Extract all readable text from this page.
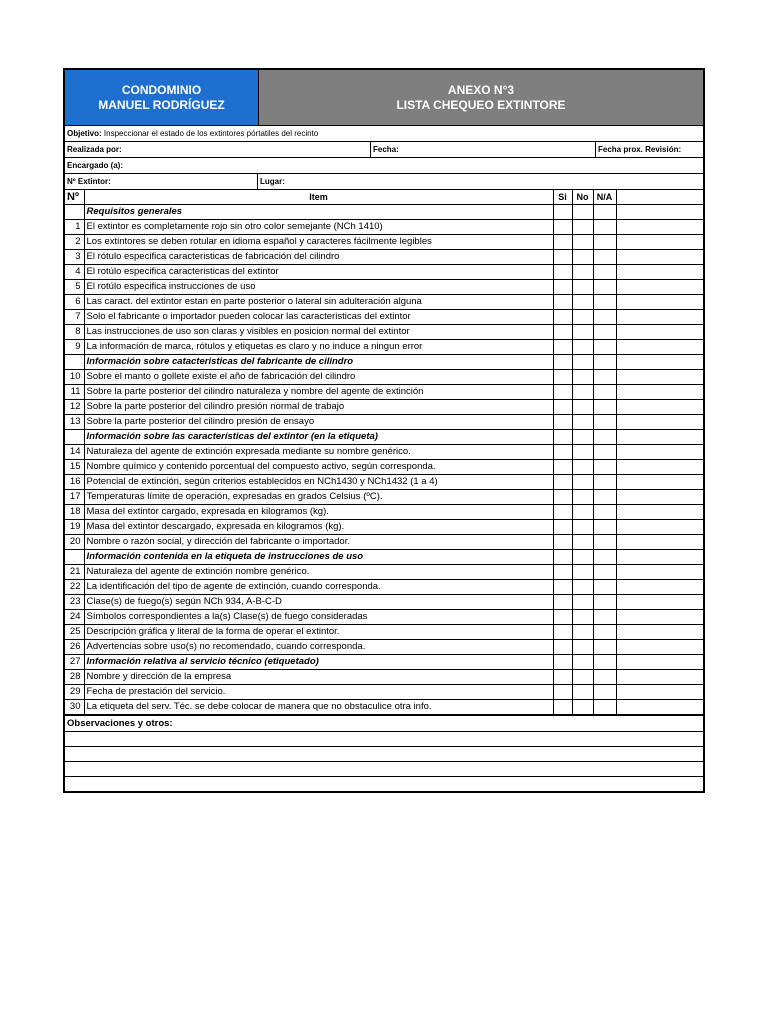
CONDOMINIO
MANUEL RODRÍGUEZ
ANEXO N°3
LISTA CHEQUEO EXTINTORE
Objetivo: Inspeccionar el estado de los extintores pórtatiles del recinto
Realizada por:	Fecha:	Fecha prox. Revisión:
Encargado (a):
Nº Extintor:	Lugar:
Nº	Item	Si	No	N/A	
	Requisitos generales				
1	El extintor es completamente rojo sin otro color semejante (NCh 1410)				
2	Los extintores se deben rotular en idioma español y caracteres fácilmente legibles				
3	El rótulo especifica caracteristicas de fabricación del cilindro				
4	El rotúlo especifica caracteristicas del extintor				
5	El rotúlo especifica instrucciones de uso				
6	Las caract. del extintor estan en parte posterior o lateral sin adulteración alguna				
7	Solo el fabricante o importador pueden colocar las caracteristicas del extintor				
8	Las instrucciones de uso son claras y visibles en posicion normal del extintor				
9	La información de marca, rótulos y etiquetas es claro y no induce a ningun error				
	Información sobre catacteristicas del fabricante de cilindro				
10	Sobre el manto o gollete existe el año de fabricación del cilindro				
11	Sobre la parte posterior del cilindro naturaleza y nombre del agente de extinción				
12	Sobre la parte posterior del cilindro presión normal de trabajo				
13	Sobre la parte posterior del cilindro presión de ensayo				
	Información sobre las características del extintor (en la etiqueta)				
14	Naturaleza del agente de extinción expresada mediante su nombre genérico.				
15	Nombre químico y contenido porcentual del compuesto activo, según corresponda.				
16	Potencial de extinción, según criterios establecidos en NCh1430 y NCh1432 (1 a 4)				
17	Temperaturas límite de operación, expresadas en grados Celsius (ºC).				
18	Masa del extintor cargado, expresada en kilogramos (kg).				
19	Masa del extintor descargado, expresada en kilogramos (kg).				
20	Nombre o razón social, y dirección del fabricante o importador.				
	Información contenida en la etiqueta de instrucciones de uso				
21	Naturaleza del agente de extinción nombre genérico.				
22	La identificación del tipo de agente de extinción, cuando corresponda.				
23	Clase(s) de fuego(s) según NCh 934, A-B-C-D				
24	Símbolos correspondientes a la(s) Clase(s) de fuego consideradas				
25	Descripción gráfica y literal de la forma de operar el extintor.				
26	Advertencias sobre uso(s) no recomendado, cuando corresponda.				
27	Información relativa al servicio técnico (etiquetado)				
28	Nombre y dirección de la empresa				
29	Fecha de prestación del servicio.				
30	La etiqueta del serv. Téc. se debe colocar de manera que no obstaculice otra info.				
Observaciones y otros:
